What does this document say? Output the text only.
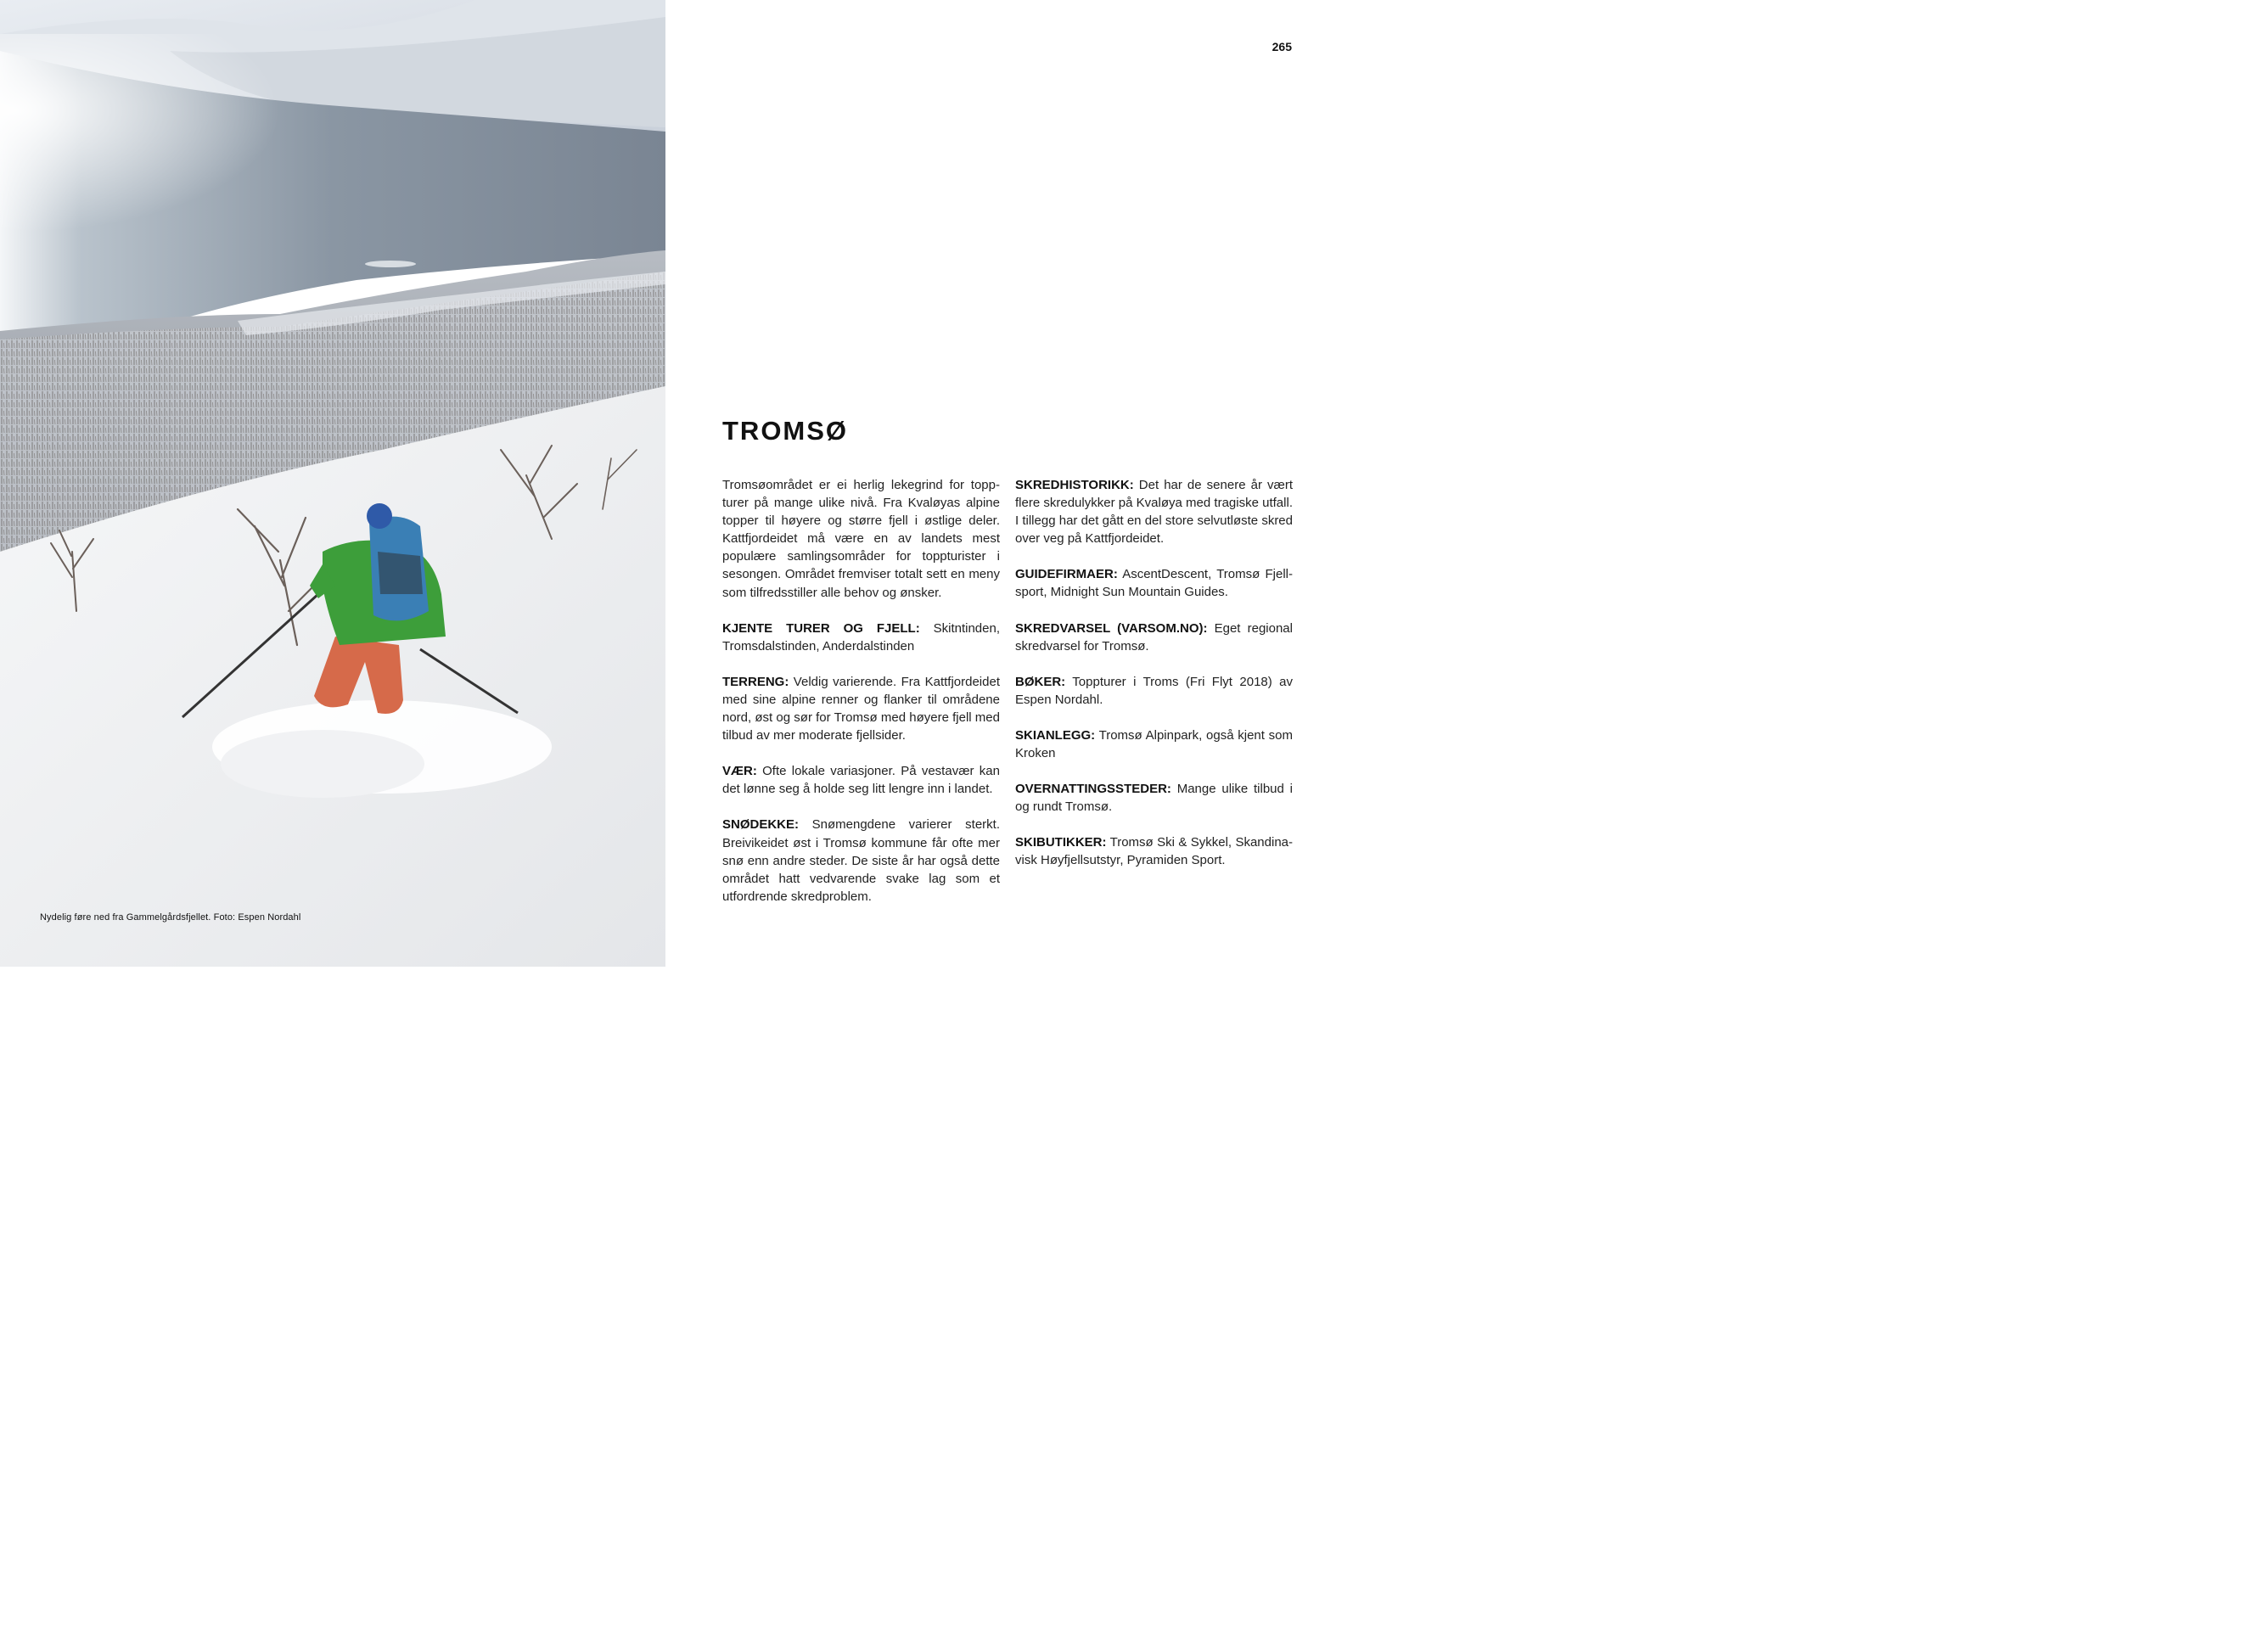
Nydelig føre ned fra Gammelgårdsfjellet. Foto: Espen Nordahl
265
TROMSØ

Tromsøområdet er ei herlig lekegrind for toppturer på mange ulike nivå. Fra Kvaløyas alpine topper til høyere og større fjell i østlige deler. Kattfjordeidet må være en av landets mest populære samlingsområder for toppturister i sesongen. Området fremviser totalt sett en meny som tilfredsstiller alle behov og ønsker.

KJENTE TURER OG FJELL: Skitntinden, Tromsdalstinden, Anderdalstinden

TERRENG: Veldig varierende. Fra Kattfjordeidet med sine alpine renner og flanker til områdene nord, øst og sør for Tromsø med høyere fjell med tilbud av mer moderate fjellsider.

VÆR: Ofte lokale variasjoner. På vestavær kan det lønne seg å holde seg litt lengre inn i landet.

SNØDEKKE: Snømengdene varierer sterkt. Breivikeidet øst i Tromsø kommune får ofte mer snø enn andre steder. De siste år har også dette området hatt vedvarende svake lag som et utfordrende skredproblem.

SKREDHISTORIKK: Det har de senere år vært flere skredulykker på Kvaløya med tragiske utfall. I tillegg har det gått en del store selvutløste skred over veg på Kattfjordeidet.

GUIDEFIRMAER: AscentDescent, Tromsø Fjellsport, Midnight Sun Mountain Guides.

SKREDVARSEL (VARSOM.NO): Eget regional skredvarsel for Tromsø.

BØKER: Toppturer i Troms (Fri Flyt 2018) av Espen Nordahl.

SKIANLEGG: Tromsø Alpinpark, også kjent som Kroken

OVERNATTINGSSTEDER: Mange ulike tilbud i og rundt Tromsø.

SKIBUTIKKER: Tromsø Ski & Sykkel, Skandinavisk Høyfjellsutstyr, Pyramiden Sport.
